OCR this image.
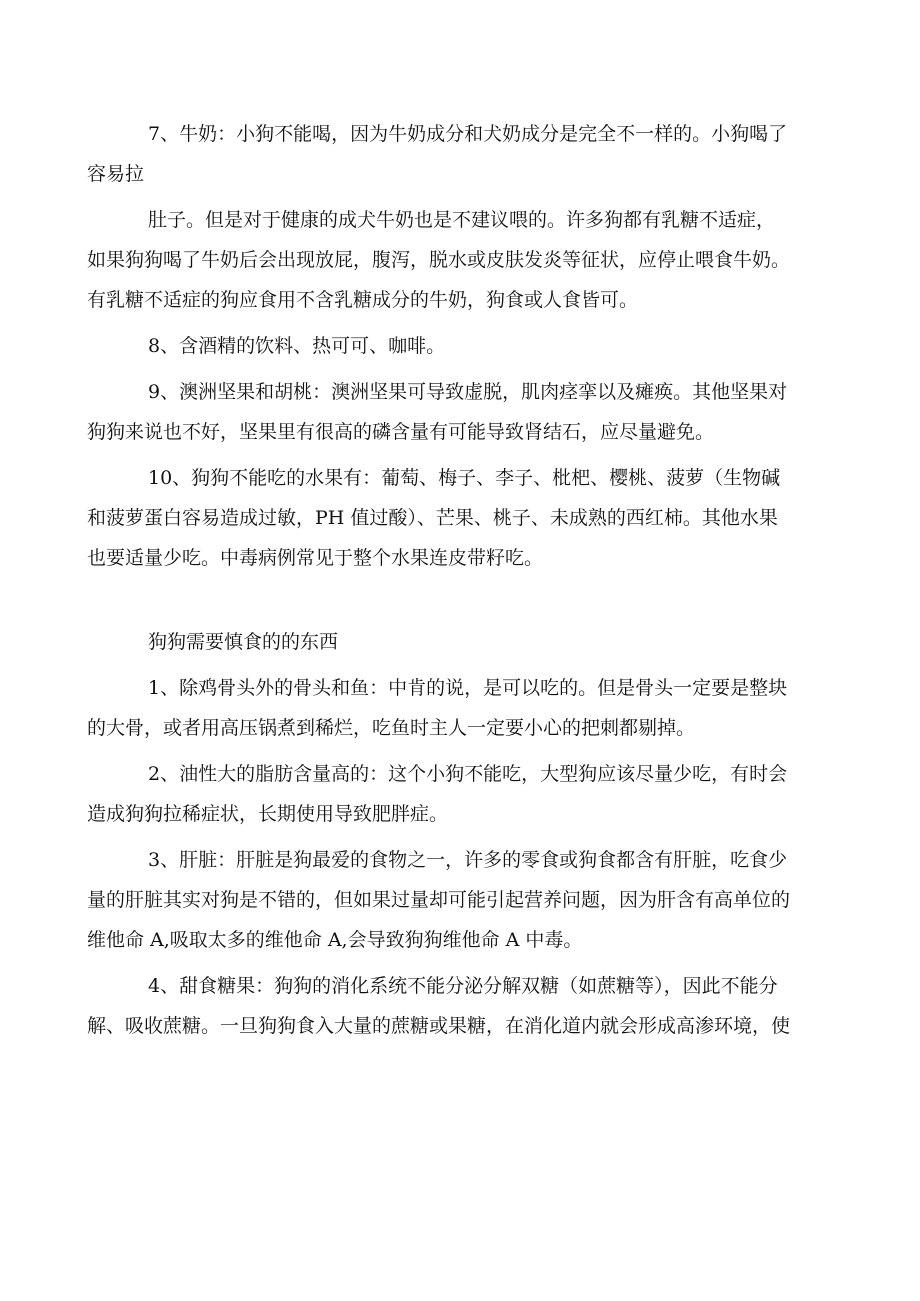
7、牛奶：小狗不能喝，因为牛奶成分和犬奶成分是完全不一样的。小狗喝了
容易拉

肚子。但是对于健康的成犬牛奶也是不建议喂的。许多狗都有乳糖不适症，
如果狗狗喝了牛奶后会出现放屁，腹泻，脱水或皮肤发炎等征状，应停止喂食牛奶。
有乳糖不适症的狗应食用不含乳糖成分的牛奶，狗食或人食皆可。

8、含酒精的饮料、热可可、咖啡。

9、澳洲坚果和胡桃：澳洲坚果可导致虚脱，肌肉痉挛以及瘫痪。其他坚果对
狗狗来说也不好，坚果里有很高的磷含量有可能导致肾结石，应尽量避免。

10、狗狗不能吃的水果有：葡萄、梅子、李子、枇杷、樱桃、菠萝（生物碱
和菠萝蛋白容易造成过敏，PH 值过酸）、芒果、桃子、未成熟的西红柿。其他水果
也要适量少吃。中毒病例常见于整个水果连皮带籽吃。

狗狗需要慎食的的东西

1、除鸡骨头外的骨头和鱼：中肯的说，是可以吃的。但是骨头一定要是整块
的大骨，或者用高压锅煮到稀烂，吃鱼时主人一定要小心的把刺都剔掉。

2、油性大的脂肪含量高的：这个小狗不能吃，大型狗应该尽量少吃，有时会
造成狗狗拉稀症状，长期使用导致肥胖症。

3、肝脏：肝脏是狗最爱的食物之一，许多的零食或狗食都含有肝脏，吃食少
量的肝脏其实对狗是不错的，但如果过量却可能引起营养问题，因为肝含有高单位的
维他命 A,吸取太多的维他命 A,会导致狗狗维他命 A 中毒。

4、甜食糖果：狗狗的消化系统不能分泌分解双糖（如蔗糖等），因此不能分
解、吸收蔗糖。一旦狗狗食入大量的蔗糖或果糖，在消化道内就会形成高渗环境，使
